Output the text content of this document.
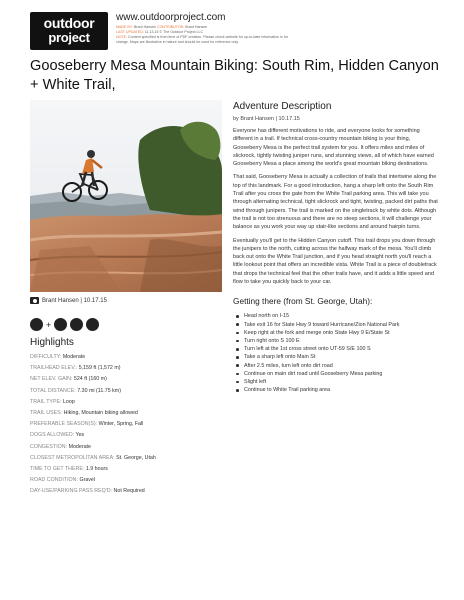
outdoor
project
www.outdoorproject.com
MADE BY: Brant Hansen CONTRIBUTOR: Brant Hansen
LAST UPDATED: 11.13.15 © The Outdoor Project LLC
NOTE: Content specified is from time of PDF creation. Please check website for up-to-date information is for change. Maps are illustrative in nature and should be used for reference only.
Gooseberry Mesa Mountain Biking: South Rim, Hidden Canyon + White Trail,
Brant Hansen | 10.17.15
+
Highlights
DIFFICULTY: Moderate
TRAILHEAD ELEV.: 5,159 ft (1,572 m)
NET ELEV. GAIN: 524 ft (160 m)
TOTAL DISTANCE: 7.30 mi (11.75 km)
TRAIL TYPE: Loop
TRAIL USES: Hiking, Mountain biking allowed
PREFERABLE SEASON(S): Winter, Spring, Fall
DOGS ALLOWED: Yes
CONGESTION: Moderate
CLOSEST METROPOLITAN AREA: St. George, Utah
TIME TO GET THERE: 1.9 hours
ROAD CONDITION: Gravel
DAY-USE/PARKING PASS REQ'D: Not Required
Adventure Description
by Brant Hansen | 10.17.15

Everyone has different motivations to ride, and everyone looks for something different in a trail. If technical cross-country mountain biking is your thing, Gooseberry Mesa is the perfect trail system for you. It offers miles and miles of slickrock, tightly twisting juniper runs, and stunning views, all of which have earned Gooseberry Mesa a place among the world's great mountain biking destinations.

That said, Gooseberry Mesa is actually a collection of trails that intertwine along the top of this landmark. For a good introduction, hang a sharp left onto the South Rim Trail after you cross the gate from the White Trail parking area. This will take you through alternating technical, tight slickrock and tight, twisting, packed dirt paths that wind through junipers. The trail is marked on the singletrack by white dots. Although the trail is not too strenuous and there are no steep sections, it will challenge your balance as you work your way up stair-like sections and around hairpin turns.

Eventually you'll get to the Hidden Canyon cutoff. This trail drops you down through the junipers to the north, cutting across the halfway mark of the mesa. You'll climb back out onto the White Trail junction, and if you head straight north you'll reach a little lookout point that offers an incredible vista. White Trail is a piece of doubletrack that drops the technical feel that the other trails have, and it adds a little speed and flow to take you quickly back to your car.

Getting there (from St. George, Utah):
Head north on I-15
Take exit 16 for State Hwy 9 toward Hurricane/Zion National Park
Keep right at the fork and merge onto State Hwy 9 E/State St
Turn right onto S 100 E
Turn left at the 1st cross street onto UT-59 S/E 100 S
Take a sharp left onto Main St
After 2.5 miles, turn left onto dirt road
Continue on main dirt road until Gooseberry Mesa parking
Slight left
Continue to White Trail parking area
